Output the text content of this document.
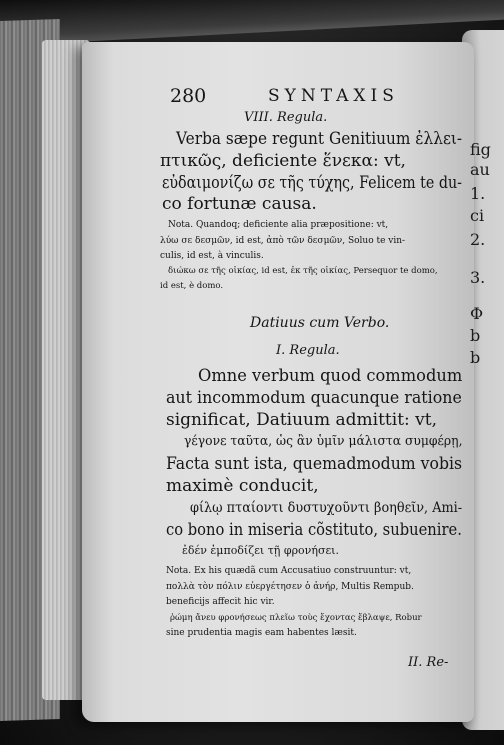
fig
au
1.
ci
2.
3.
Φ
b
b
280	SYNTAXIS
VIII. Regula.
Verba sæpe regunt Genitiuum ἐλλει-
πτικῶς, deficiente ἕνεκα: vt,
εὐδαιμονίζω σε τῆς τύχης, Felicem te du-
co fortunæ causa.
Nota. Quandoq; deficiente alia præpositione: vt,
λύω σε δεσμῶν, id est, ἀπὸ τῶν δεσμῶν, Soluo te vin-
culis, id est, à vinculis.
διώκω σε τῆς οἰκίας, id est, ἐκ τῆς οἰκίας, Persequor te domo,
id est, è domo.
Datiuus cum Verbo.
I. Regula.
Omne verbum quod commodum
aut incommodum quacunque ratione
significat, Datiuum admittit: vt,
γέγονε ταῦτα, ὡς ἂν ὑμῖν μάλιστα συμφέρῃ,
Facta sunt ista, quemadmodum vobis
maximè conducit,
φίλῳ πταίοντι δυστυχοῦντι βοηθεῖν, Ami-
co bono in miseria cõstituto, subuenire.
ἐδέν ἐμποδίζει τῇ φρονήσει.
Nota. Ex his quædã cum Accusatiuo construuntur: vt,
πολλὰ τὸν πόλιν εὐεργέτησεν ὁ ἀνήρ, Multis Rempub.
beneficijs affecit hic vir.
ῥώμη ἄνευ φρονήσεως πλεῖω τοὺς ἔχοντας ἔβλαψε, Robur
sine prudentia magis eam habentes læsit.
II. Re-
